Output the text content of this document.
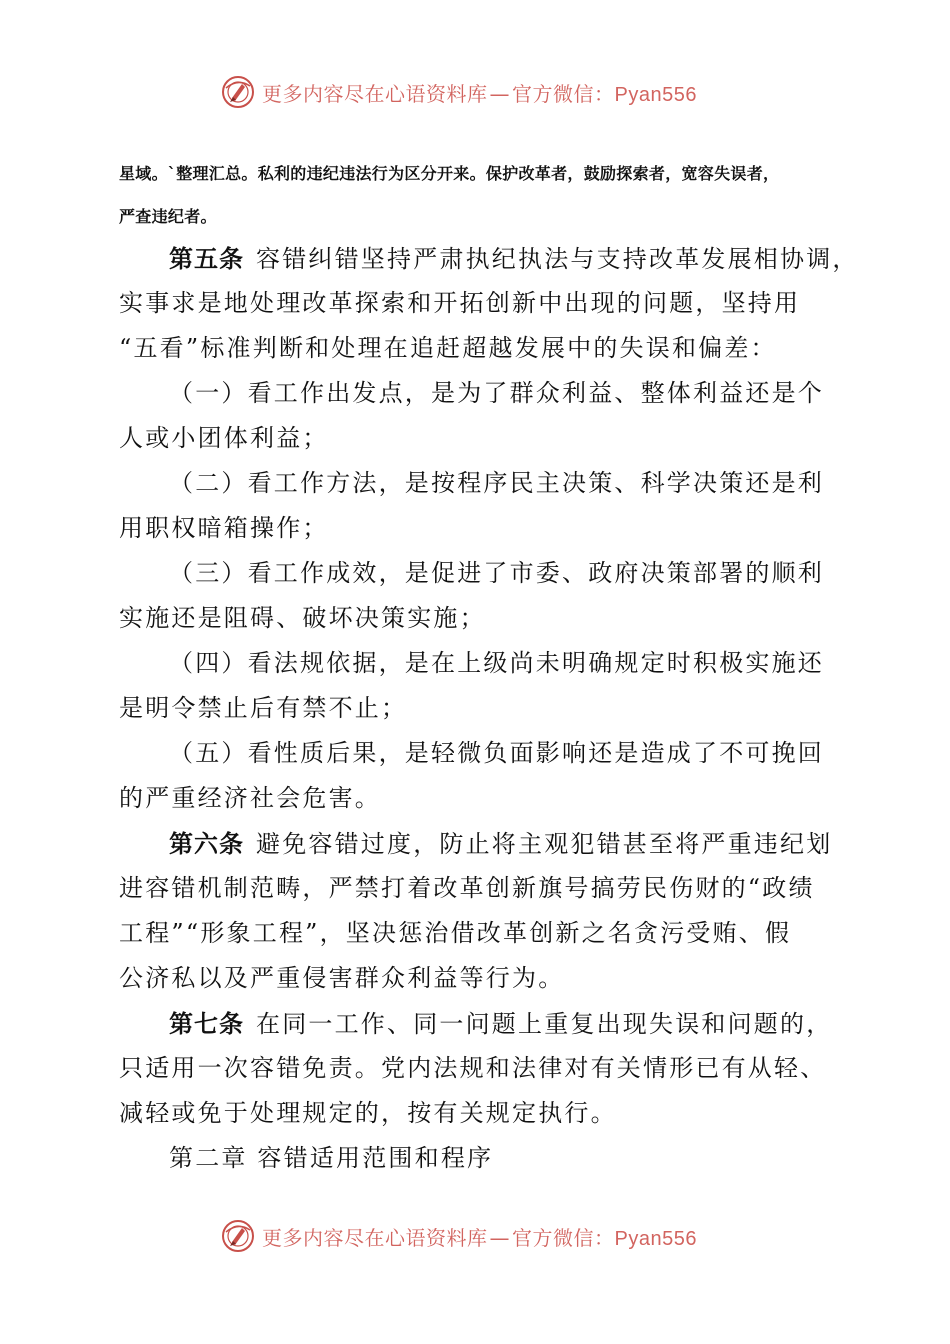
更多内容尽在心语资料库 — 官方微信：Pyan556
星域。`整理汇总。私利的违纪违法行为区分开来。保护改革者，鼓励探索者，宽容失误者，
严查违纪者。
第五条 容错纠错坚持严肃执纪执法与支持改革发展相协调，
实事求是地处理改革探索和开拓创新中出现的问题，坚持用
“五看”标准判断和处理在追赶超越发展中的失误和偏差：
（一）看工作出发点，是为了群众利益、整体利益还是个
人或小团体利益；
（二）看工作方法，是按程序民主决策、科学决策还是利
用职权暗箱操作；
（三）看工作成效，是促进了市委、政府决策部署的顺利
实施还是阻碍、破坏决策实施；
（四）看法规依据，是在上级尚未明确规定时积极实施还
是明令禁止后有禁不止；
（五）看性质后果，是轻微负面影响还是造成了不可挽回
的严重经济社会危害。
第六条 避免容错过度，防止将主观犯错甚至将严重违纪划
进容错机制范畴，严禁打着改革创新旗号搞劳民伤财的“政绩
工程”“形象工程”，坚决惩治借改革创新之名贪污受贿、假
公济私以及严重侵害群众利益等行为。
第七条 在同一工作、同一问题上重复出现失误和问题的，
只适用一次容错免责。党内法规和法律对有关情形已有从轻、
减轻或免于处理规定的，按有关规定执行。
第二章 容错适用范围和程序
更多内容尽在心语资料库 — 官方微信：Pyan556
